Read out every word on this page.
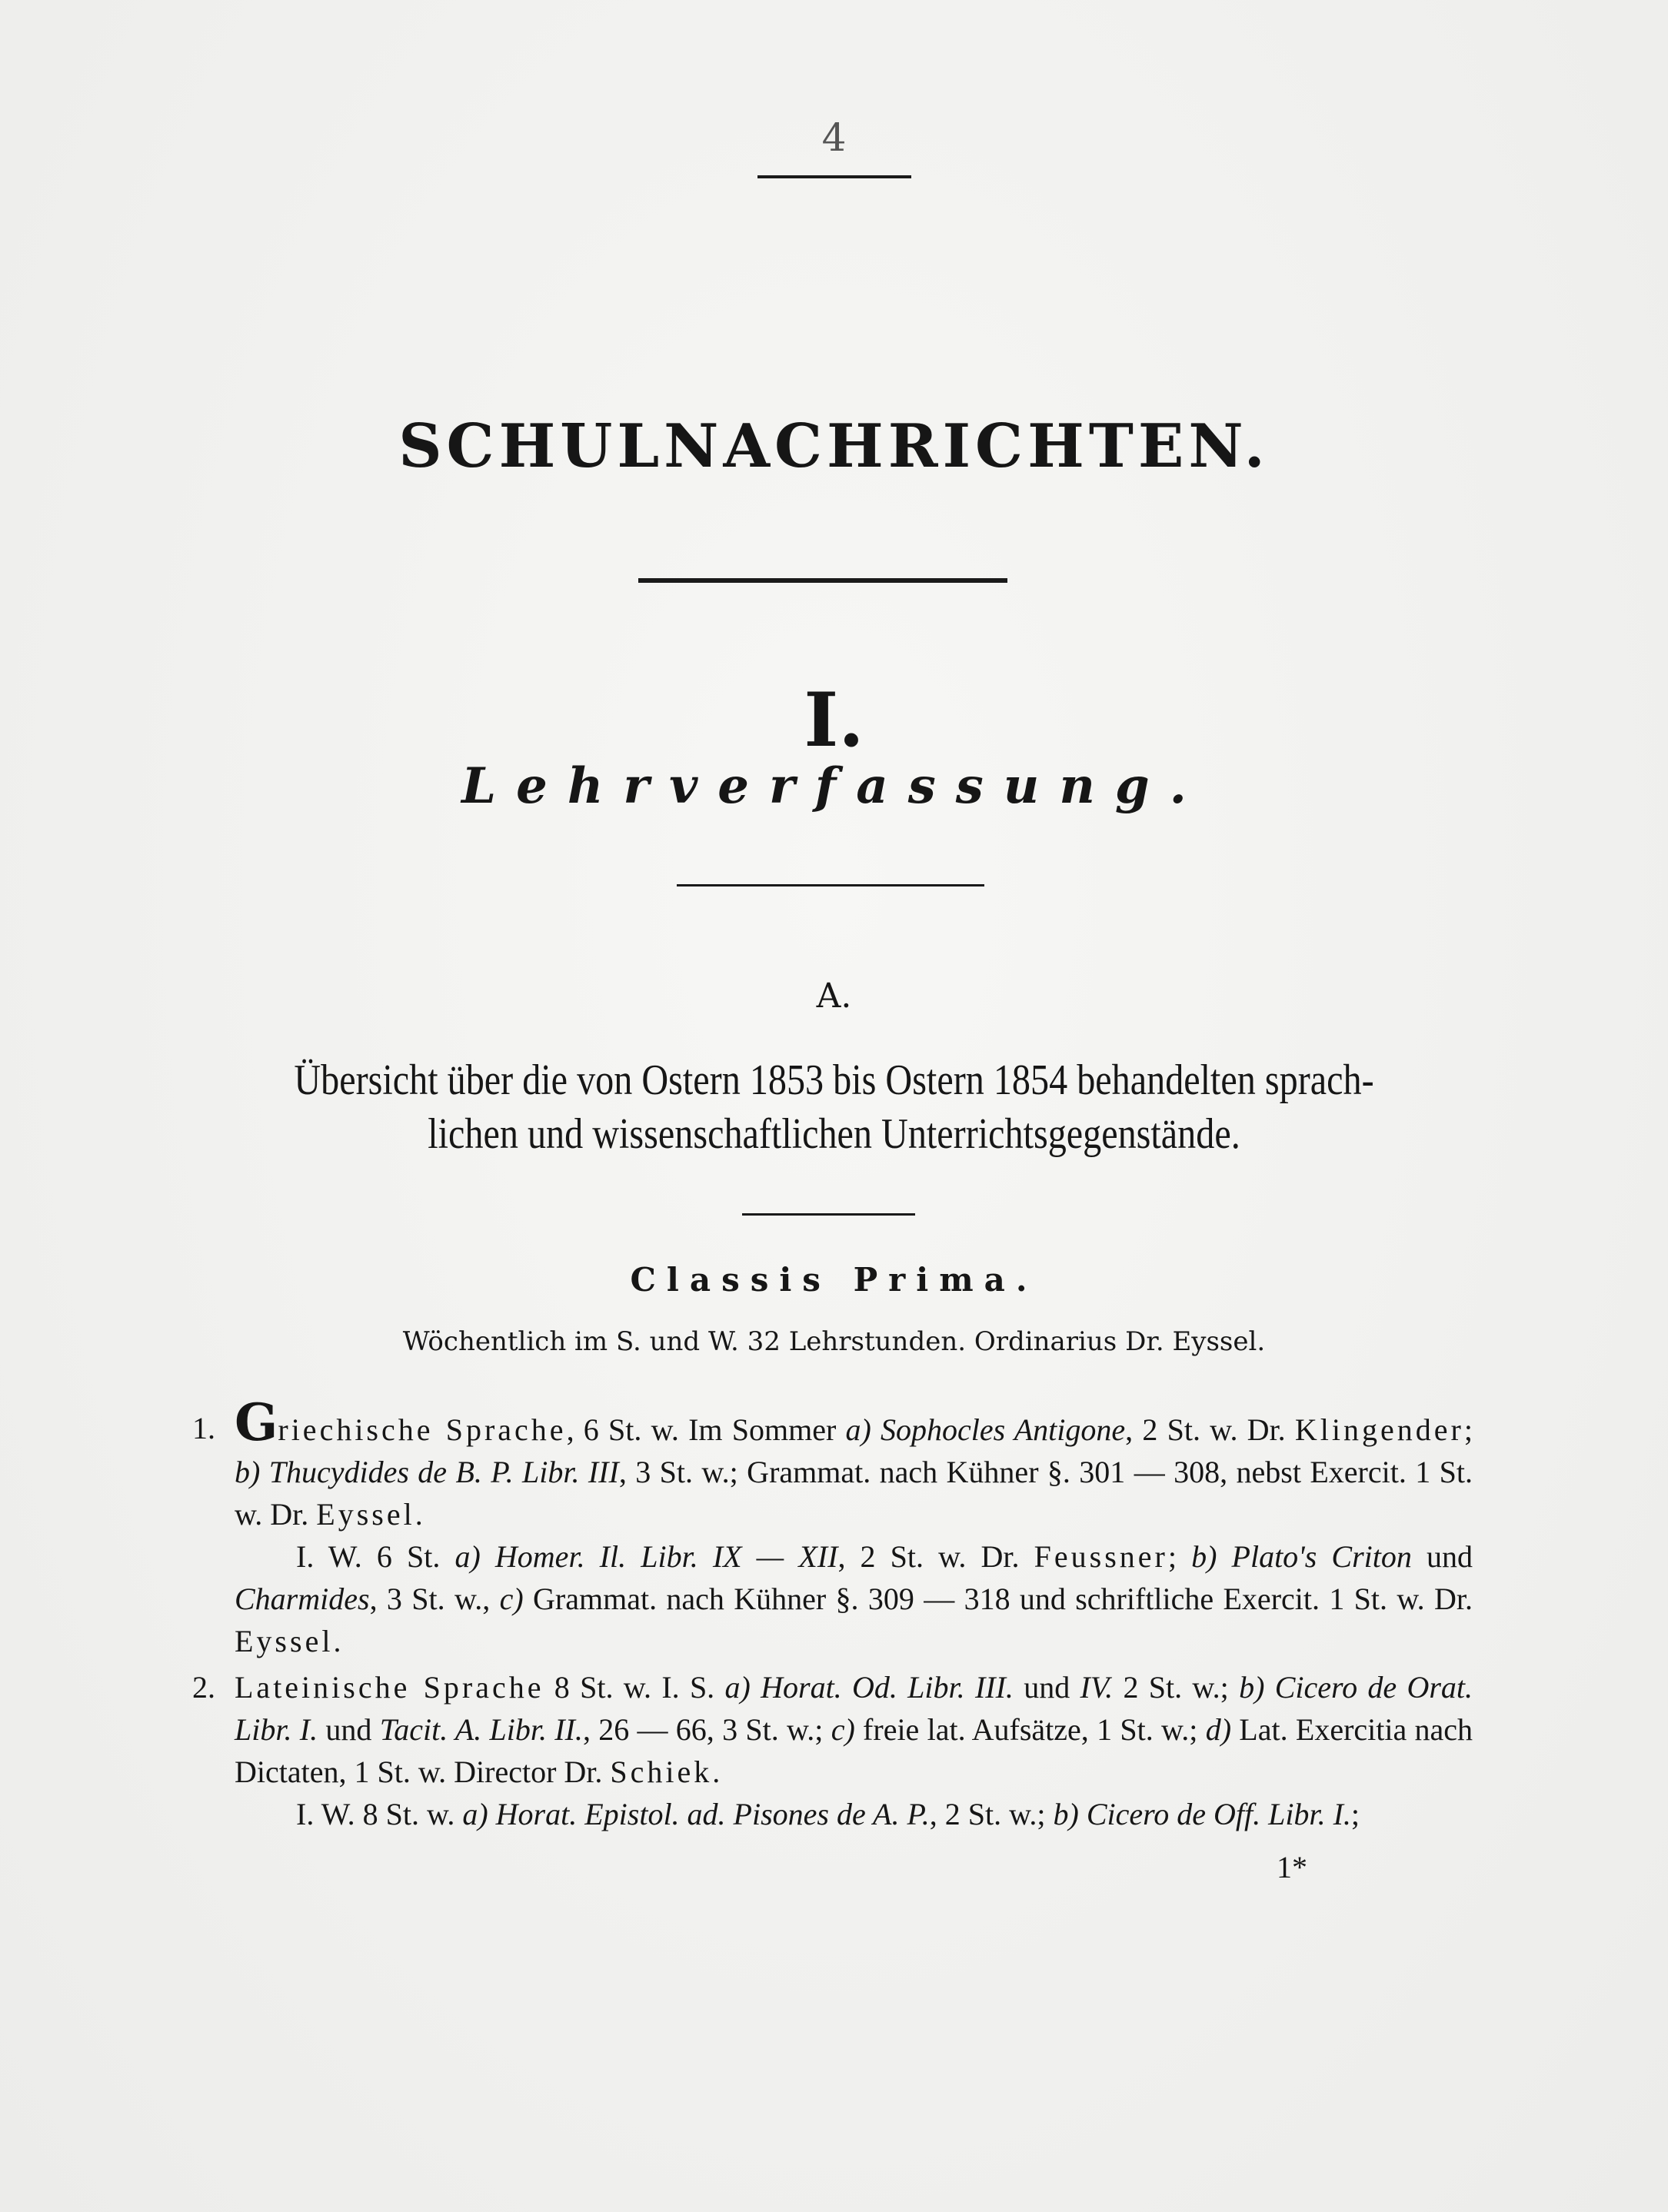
4
SCHULNACHRICHTEN.
I.
Lehrverfassung.
A.
Übersicht über die von Ostern 1853 bis Ostern 1854 behandelten sprach-
lichen und wissenschaftlichen Unterrichtsgegenstände.
Classis Prima.
Wöchentlich im S. und W. 32 Lehrstunden. Ordinarius Dr. Eyssel.
1. Griechische Sprache, 6 St. w. Im Sommer a) Sophocles Antigone, 2 St. w. Dr. Klingender; b) Thucydides de B. P. Libr. III, 3 St. w.; Grammat. nach Kühner §. 301 — 308, nebst Exercit. 1 St. w. Dr. Eyssel.
I. W. 6 St. a) Homer. Il. Libr. IX — XII, 2 St. w. Dr. Feussner; b) Plato's Criton und Charmides, 3 St. w., c) Grammat. nach Kühner §. 309 — 318 und schriftliche Exercit. 1 St. w. Dr. Eyssel.
2. Lateinische Sprache 8 St. w. I. S. a) Horat. Od. Libr. III. und IV. 2 St. w.; b) Cicero de Orat. Libr. I. und Tacit. A. Libr. II., 26 — 66, 3 St. w.; c) freie lat. Aufsätze, 1 St. w.; d) Lat. Exercitia nach Dictaten, 1 St. w. Director Dr. Schiek.
I. W. 8 St. w. a) Horat. Epistol. ad. Pisones de A. P., 2 St. w.; b) Cicero de Off. Libr. I.;
1*
